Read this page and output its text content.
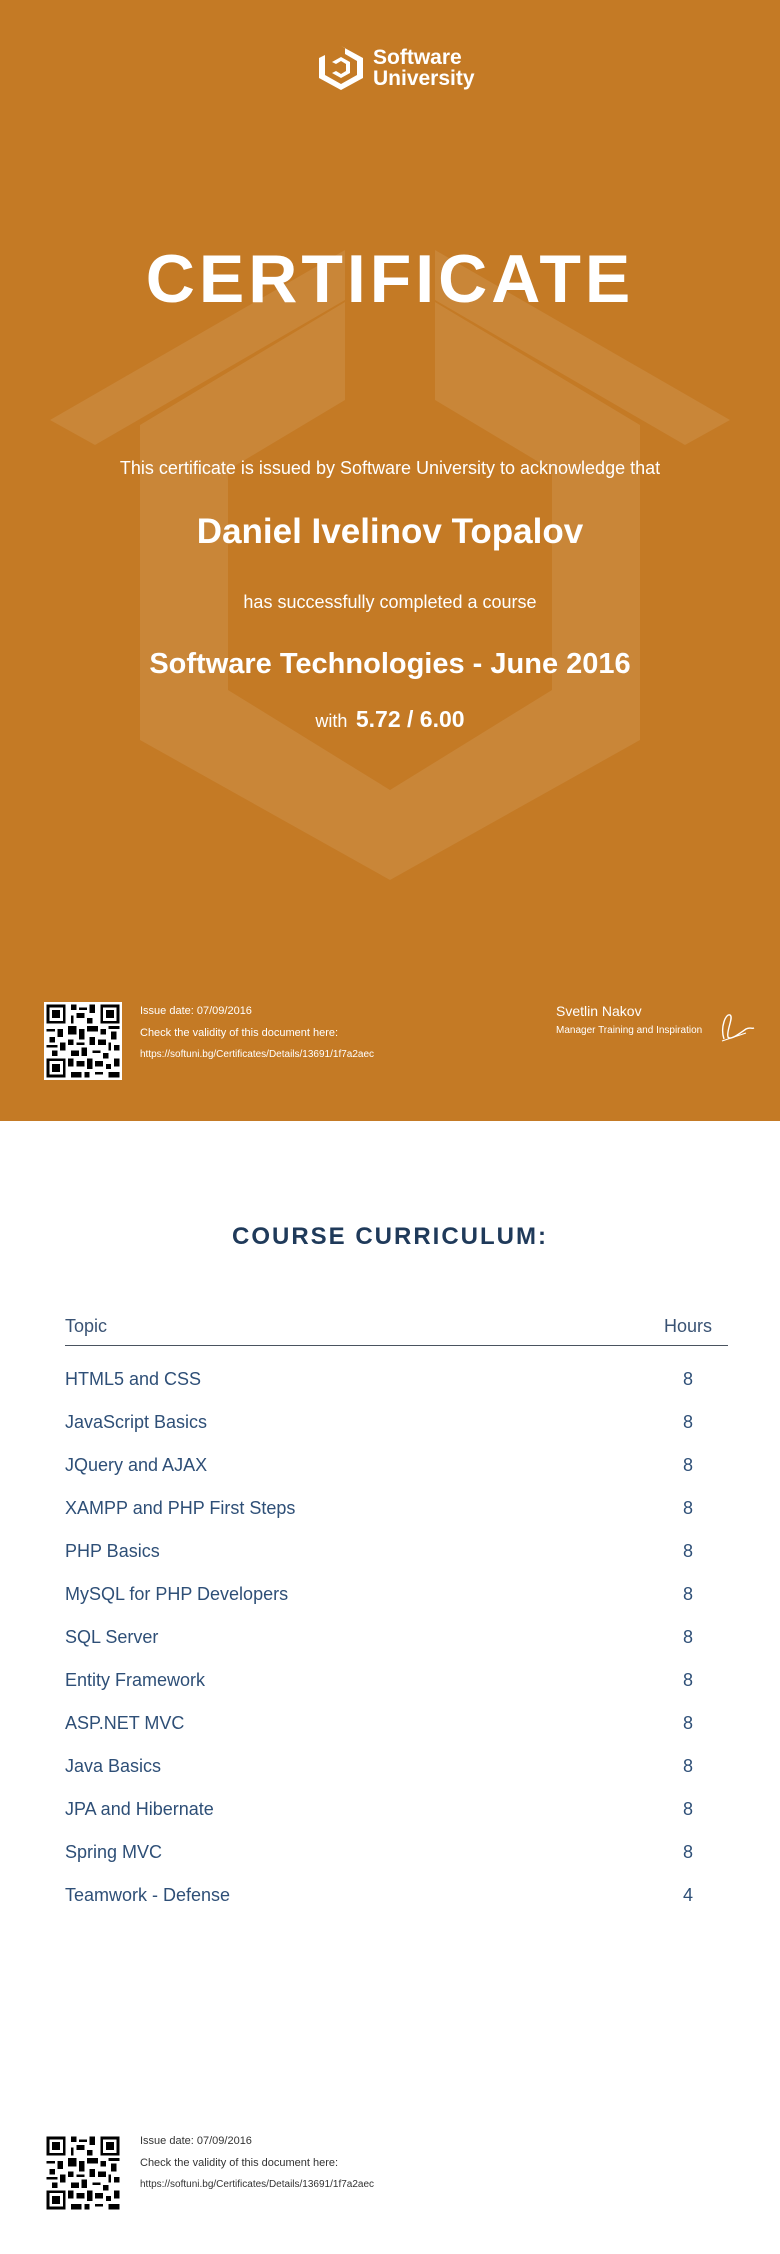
Software
University
CERTIFICATE
This certificate is issued by Software University to acknowledge that
Daniel Ivelinov Topalov
has successfully completed a course
Software Technologies - June 2016
with 5.72 / 6.00
Issue date: 07/09/2016
Check the validity of this document here:
https://softuni.bg/Certificates/Details/13691/1f7a2aec
Svetlin Nakov
Manager Training and Inspiration
COURSE CURRICULUM:
Topic	Hours
HTML5 and CSS	8
JavaScript Basics	8
JQuery and AJAX	8
XAMPP and PHP First Steps	8
PHP Basics	8
MySQL for PHP Developers	8
SQL Server	8
Entity Framework	8
ASP.NET MVC	8
Java Basics	8
JPA and Hibernate	8
Spring MVC	8
Teamwork - Defense	4
Issue date: 07/09/2016
Check the validity of this document here:
https://softuni.bg/Certificates/Details/13691/1f7a2aec
